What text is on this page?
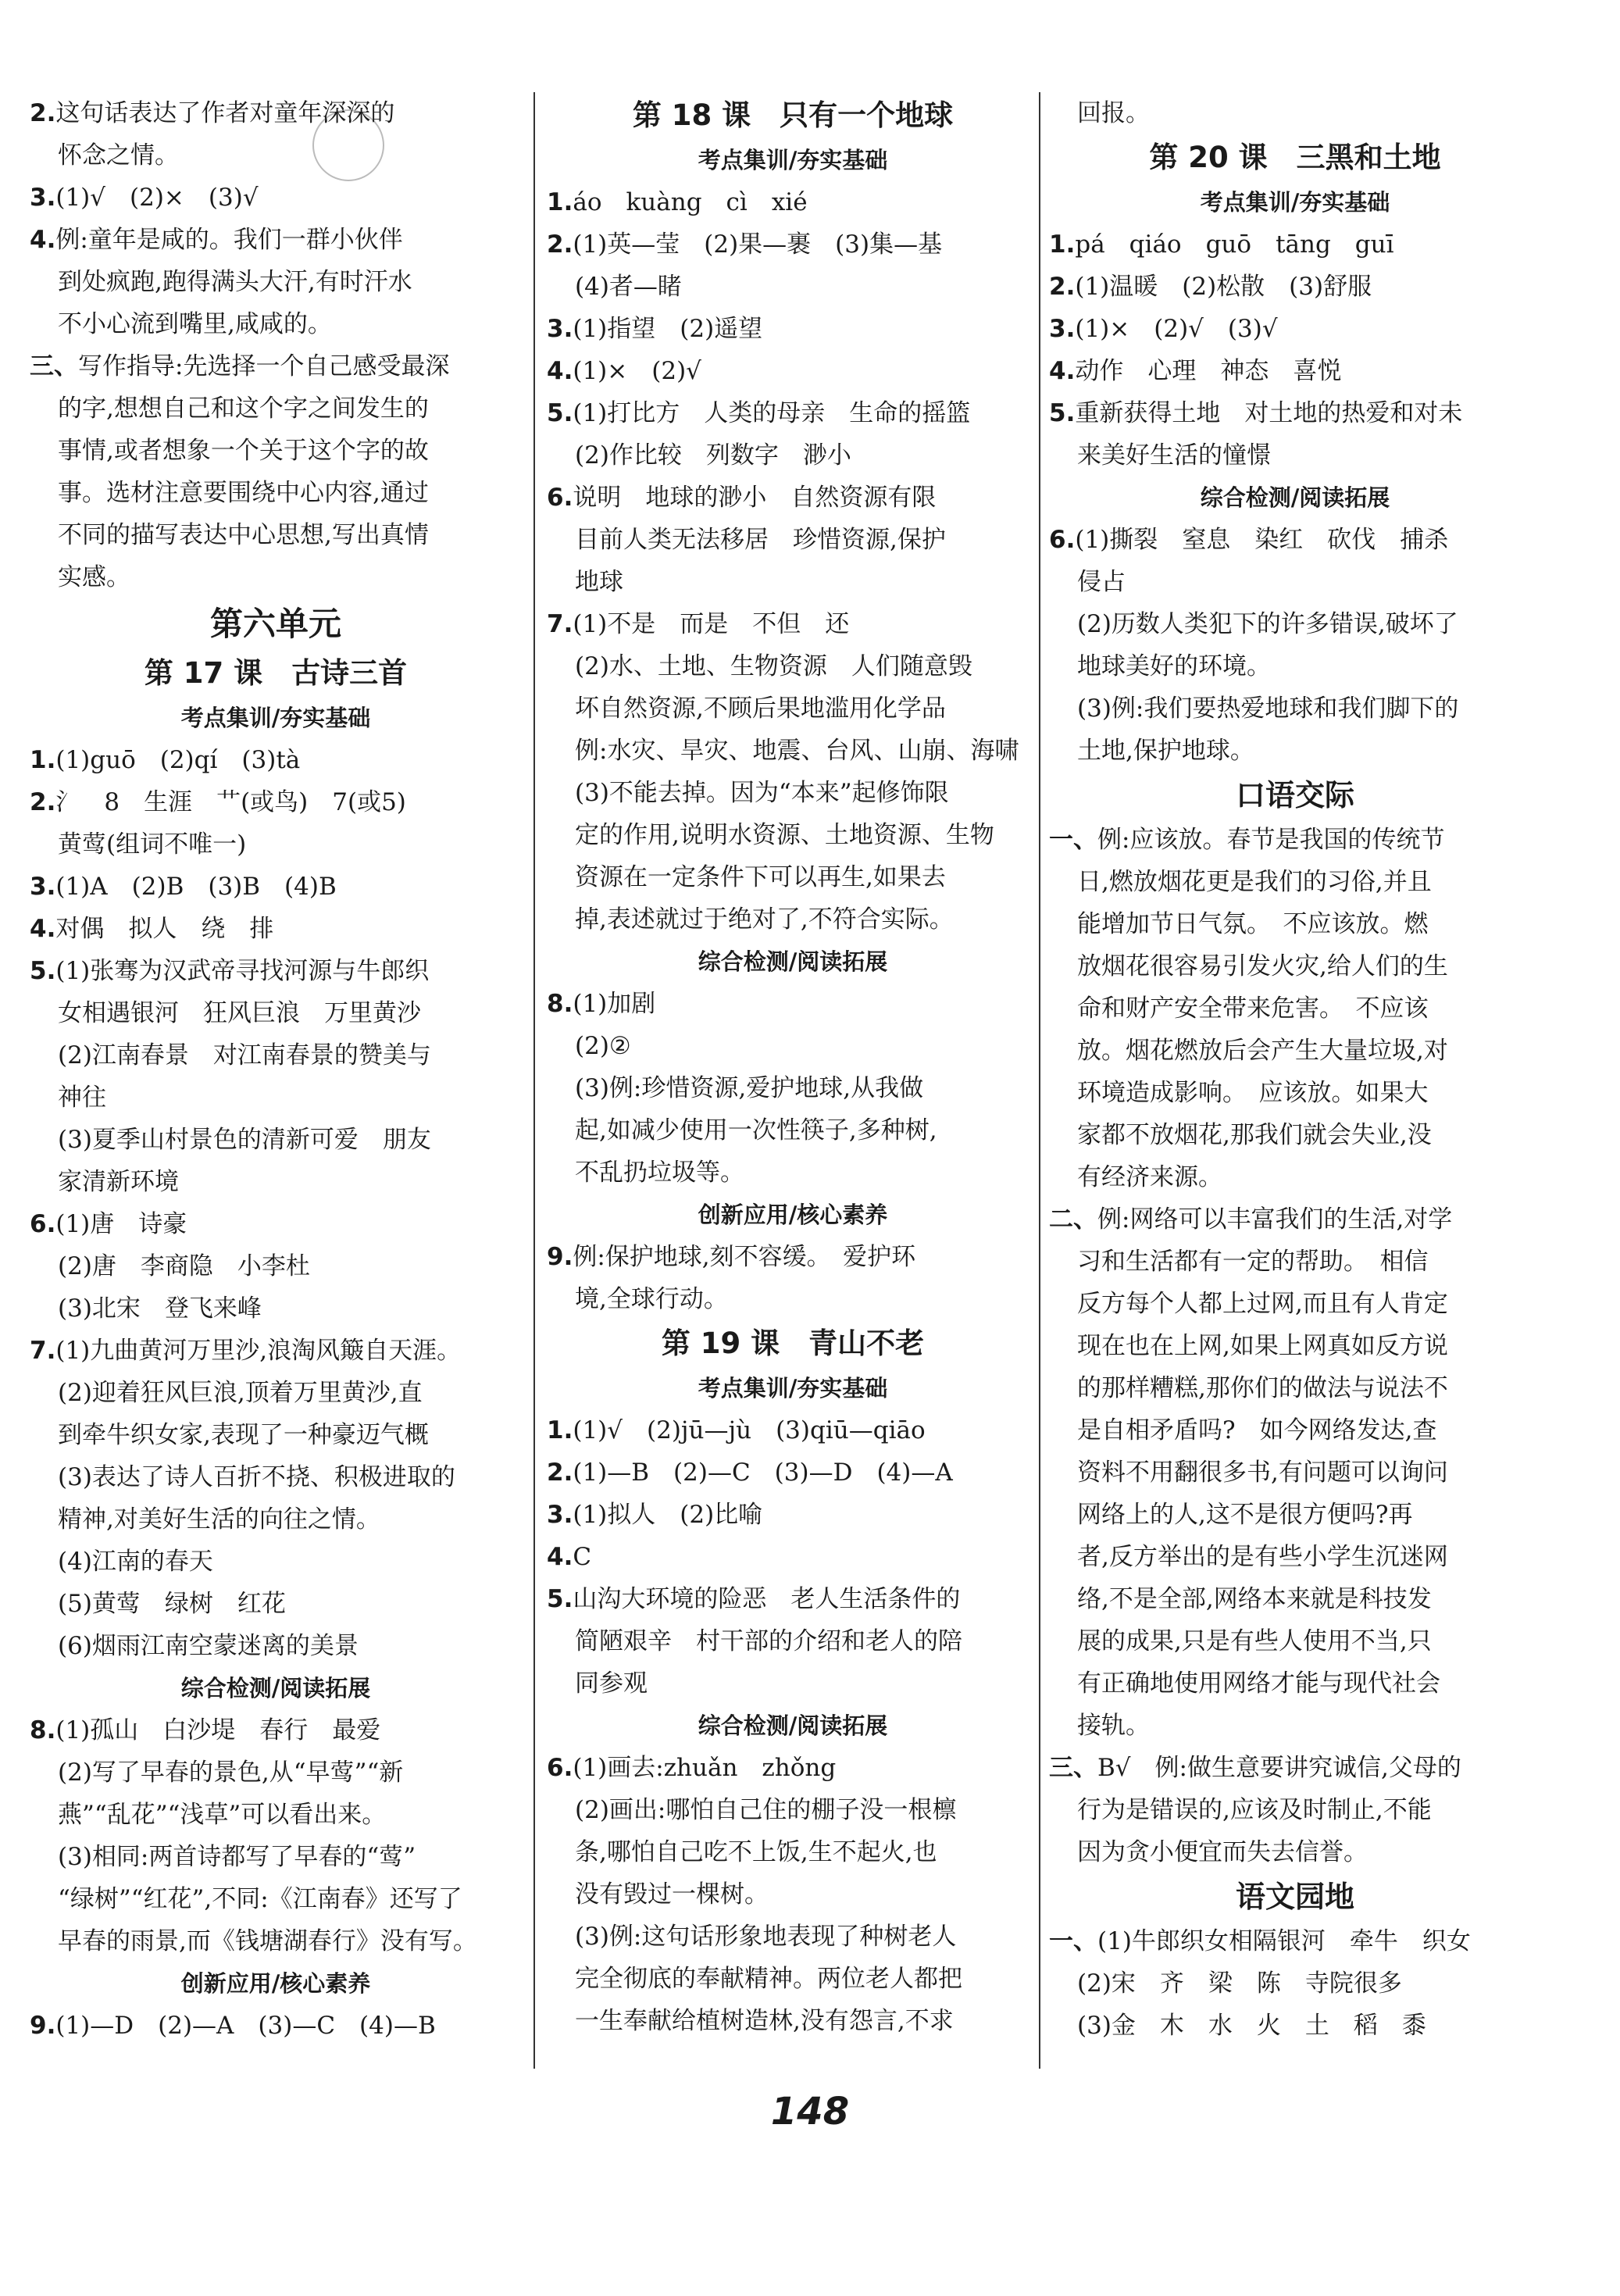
2.这句话表达了作者对童年深深的
怀念之情。
3.(1)√　(2)×　(3)√
4.例:童年是咸的。我们一群小伙伴
到处疯跑,跑得满头大汗,有时汗水
不小心流到嘴里,咸咸的。
三、写作指导:先选择一个自己感受最深
的字,想想自己和这个字之间发生的
事情,或者想象一个关于这个字的故
事。选材注意要围绕中心内容,通过
不同的描写表达中心思想,写出真情
实感。
第六单元
第 17 课　古诗三首
考点集训/夯实基础
1.(1)guō　(2)qí　(3)tà
2.氵　8　生涯　艹(或鸟)　7(或5)
黄莺(组词不唯一)
3.(1)A　(2)B　(3)B　(4)B
4.对偶　拟人　绕　排
5.(1)张骞为汉武帝寻找河源与牛郎织
女相遇银河　狂风巨浪　万里黄沙
(2)江南春景　对江南春景的赞美与
神往
(3)夏季山村景色的清新可爱　朋友
家清新环境
6.(1)唐　诗豪
(2)唐　李商隐　小李杜
(3)北宋　登飞来峰
7.(1)九曲黄河万里沙,浪淘风簸自天涯。
(2)迎着狂风巨浪,顶着万里黄沙,直
到牵牛织女家,表现了一种豪迈气概
(3)表达了诗人百折不挠、积极进取的
精神,对美好生活的向往之情。
(4)江南的春天
(5)黄莺　绿树　红花
(6)烟雨江南空蒙迷离的美景
综合检测/阅读拓展
8.(1)孤山　白沙堤　春行　最爱
(2)写了早春的景色,从“早莺”“新
燕”“乱花”“浅草”可以看出来。
(3)相同:两首诗都写了早春的“莺”
“绿树”“红花”,不同:《江南春》还写了
早春的雨景,而《钱塘湖春行》没有写。
创新应用/核心素养
9.(1)—D　(2)—A　(3)—C　(4)—B
第 18 课　只有一个地球
考点集训/夯实基础
1.áo　kuàng　cì　xié
2.(1)英—莹　(2)果—裹　(3)集—基
(4)者—睹
3.(1)指望　(2)遥望
4.(1)×　(2)√
5.(1)打比方　人类的母亲　生命的摇篮
(2)作比较　列数字　渺小
6.说明　地球的渺小　自然资源有限
目前人类无法移居　珍惜资源,保护
地球
7.(1)不是　而是　不但　还
(2)水、土地、生物资源　人们随意毁
坏自然资源,不顾后果地滥用化学品
例:水灾、旱灾、地震、台风、山崩、海啸
(3)不能去掉。因为“本来”起修饰限
定的作用,说明水资源、土地资源、生物
资源在一定条件下可以再生,如果去
掉,表述就过于绝对了,不符合实际。
综合检测/阅读拓展
8.(1)加剧
(2)②
(3)例:珍惜资源,爱护地球,从我做
起,如减少使用一次性筷子,多种树,
不乱扔垃圾等。
创新应用/核心素养
9.例:保护地球,刻不容缓。　爱护环
境,全球行动。
第 19 课　青山不老
考点集训/夯实基础
1.(1)√　(2)jū—jù　(3)qiū—qiāo
2.(1)—B　(2)—C　(3)—D　(4)—A
3.(1)拟人　(2)比喻
4.C
5.山沟大环境的险恶　老人生活条件的
简陋艰辛　村干部的介绍和老人的陪
同参观
综合检测/阅读拓展
6.(1)画去:zhuǎn　zhǒng
(2)画出:哪怕自己住的棚子没一根檩
条,哪怕自己吃不上饭,生不起火,也
没有毁过一棵树。
(3)例:这句话形象地表现了种树老人
完全彻底的奉献精神。两位老人都把
一生奉献给植树造林,没有怨言,不求
回报。
第 20 课　三黑和土地
考点集训/夯实基础
1.pá　qiáo　guō　tāng　guī
2.(1)温暖　(2)松散　(3)舒服
3.(1)×　(2)√　(3)√
4.动作　心理　神态　喜悦
5.重新获得土地　对土地的热爱和对未
来美好生活的憧憬
综合检测/阅读拓展
6.(1)撕裂　窒息　染红　砍伐　捕杀
侵占
(2)历数人类犯下的许多错误,破坏了
地球美好的环境。
(3)例:我们要热爱地球和我们脚下的
土地,保护地球。
口语交际
一、例:应该放。春节是我国的传统节
日,燃放烟花更是我们的习俗,并且
能增加节日气氛。　不应该放。燃
放烟花很容易引发火灾,给人们的生
命和财产安全带来危害。　不应该
放。烟花燃放后会产生大量垃圾,对
环境造成影响。　应该放。如果大
家都不放烟花,那我们就会失业,没
有经济来源。
二、例:网络可以丰富我们的生活,对学
习和生活都有一定的帮助。　相信
反方每个人都上过网,而且有人肯定
现在也在上网,如果上网真如反方说
的那样糟糕,那你们的做法与说法不
是自相矛盾吗?　如今网络发达,查
资料不用翻很多书,有问题可以询问
网络上的人,这不是很方便吗?再
者,反方举出的是有些小学生沉迷网
络,不是全部,网络本来就是科技发
展的成果,只是有些人使用不当,只
有正确地使用网络才能与现代社会
接轨。
三、B√　例:做生意要讲究诚信,父母的
行为是错误的,应该及时制止,不能
因为贪小便宜而失去信誉。
语文园地
一、(1)牛郎织女相隔银河　牵牛　织女
(2)宋　齐　梁　陈　寺院很多
(3)金　木　水　火　土　稻　黍
148
